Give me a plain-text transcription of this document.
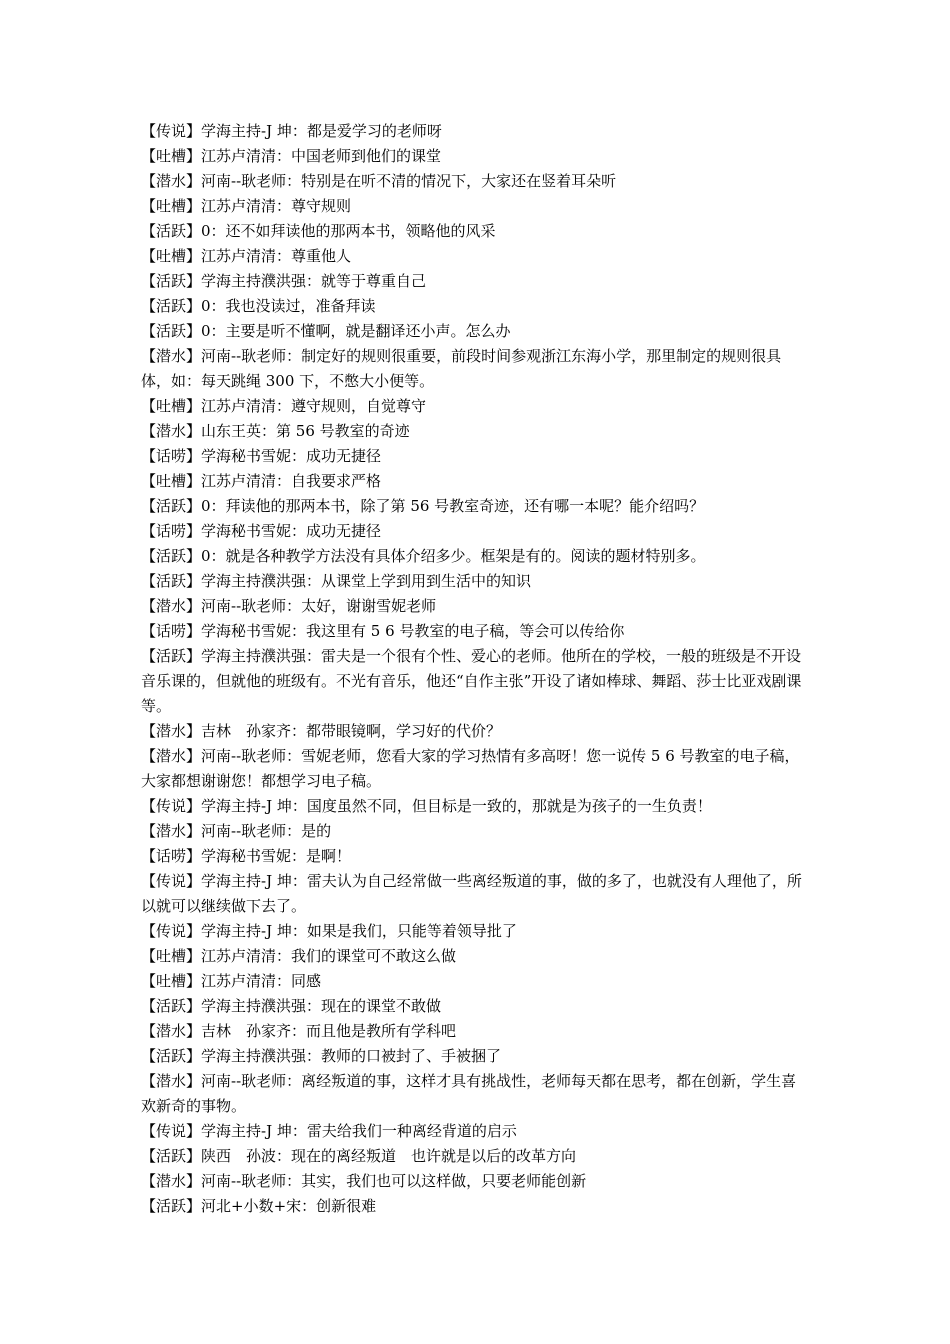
【传说】学海主持-J 坤：都是爱学习的老师呀

【吐槽】江苏卢清清：中国老师到他们的课堂

【潜水】河南--耿老师：特别是在听不清的情况下，大家还在竖着耳朵听

【吐槽】江苏卢清清：尊守规则

【活跃】0：还不如拜读他的那两本书，领略他的风采

【吐槽】江苏卢清清：尊重他人

【活跃】学海主持濮洪强：就等于尊重自己

【活跃】0：我也没读过，准备拜读

【活跃】0：主要是听不懂啊，就是翻译还小声。怎么办

【潜水】河南--耿老师：制定好的规则很重要，前段时间参观浙江东海小学，那里制定的规则很具体，如：每天跳绳 300 下，不憋大小便等。

【吐槽】江苏卢清清：遵守规则，自觉尊守

【潜水】山东王英：第 56 号教室的奇迹

【话唠】学海秘书雪妮：成功无捷径

【吐槽】江苏卢清清：自我要求严格

【活跃】0：拜读他的那两本书，除了第 56 号教室奇迹，还有哪一本呢？能介绍吗？

【话唠】学海秘书雪妮：成功无捷径

【活跃】0：就是各种教学方法没有具体介绍多少。框架是有的。阅读的题材特别多。

【活跃】学海主持濮洪强：从课堂上学到用到生活中的知识

【潜水】河南--耿老师：太好，谢谢雪妮老师

【话唠】学海秘书雪妮：我这里有 5 6 号教室的电子稿，等会可以传给你

【活跃】学海主持濮洪强：雷夫是一个很有个性、爱心的老师。他所在的学校，一般的班级是不开设音乐课的，但就他的班级有。不光有音乐，他还“自作主张”开设了诸如棒球、舞蹈、莎士比亚戏剧课等。

【潜水】吉林　孙家齐：都带眼镜啊，学习好的代价？

【潜水】河南--耿老师：雪妮老师，您看大家的学习热情有多高呀！您一说传 5 6 号教室的电子稿，大家都想谢谢您！都想学习电子稿。

【传说】学海主持-J 坤：国度虽然不同，但目标是一致的，那就是为孩子的一生负责！

【潜水】河南--耿老师：是的

【话唠】学海秘书雪妮：是啊！

【传说】学海主持-J 坤：雷夫认为自己经常做一些离经叛道的事，做的多了，也就没有人理他了，所以就可以继续做下去了。

【传说】学海主持-J 坤：如果是我们，只能等着领导批了

【吐槽】江苏卢清清：我们的课堂可不敢这么做

【吐槽】江苏卢清清：同感

【活跃】学海主持濮洪强：现在的课堂不敢做

【潜水】吉林　孙家齐：而且他是教所有学科吧

【活跃】学海主持濮洪强：教师的口被封了、手被捆了

【潜水】河南--耿老师：离经叛道的事，这样才具有挑战性，老师每天都在思考，都在创新，学生喜欢新奇的事物。

【传说】学海主持-J 坤：雷夫给我们一种离经背道的启示

【活跃】陕西　孙波：现在的离经叛道　也许就是以后的改革方向

【潜水】河南--耿老师：其实，我们也可以这样做，只要老师能创新

【活跃】河北+小数+宋：创新很难
